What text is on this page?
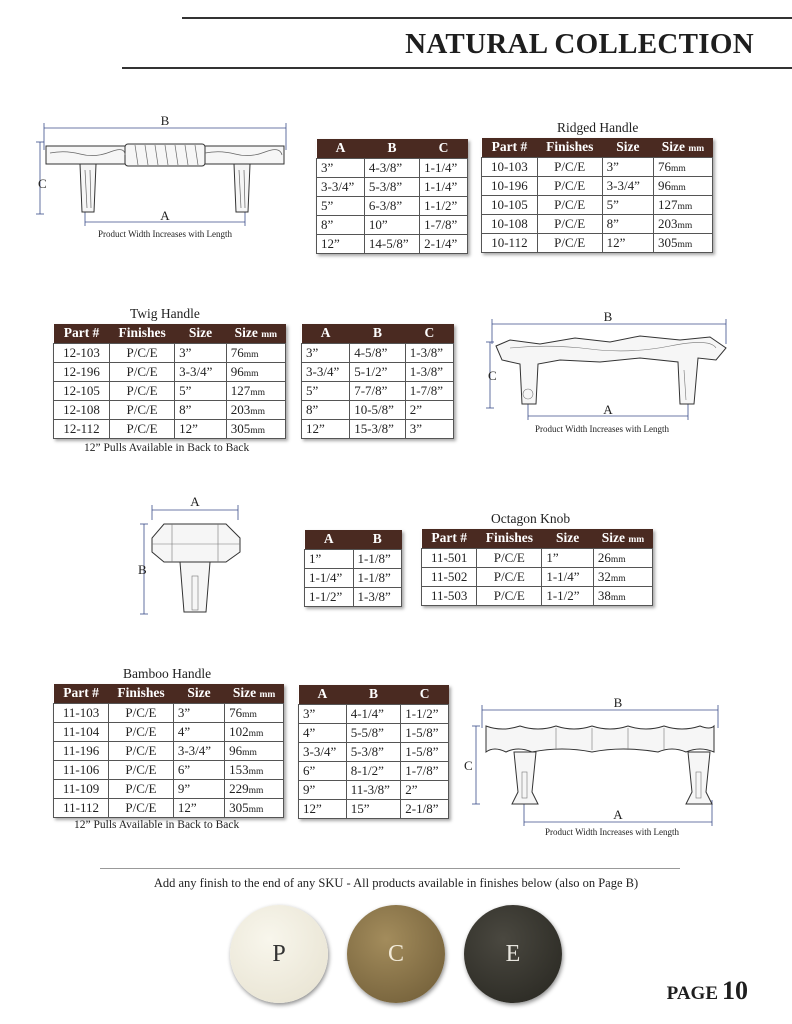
NATURAL COLLECTION
B
C
A
Product Width Increases with Length
A	B	C
3”	4-3/8”	1-1/4”
3-3/4”	5-3/8”	1-1/4”
5”	6-3/8”	1-1/2”
8”	10”	1-7/8”
12”	14-5/8”	2-1/4”
Ridged Handle
Part #	Finishes	Size	Size mm
10-103	P/C/E	3”	76mm
10-196	P/C/E	3-3/4”	96mm
10-105	P/C/E	5”	127mm
10-108	P/C/E	8”	203mm
10-112	P/C/E	12”	305mm
Twig Handle
Part #	Finishes	Size	Size mm
12-103	P/C/E	3”	76mm
12-196	P/C/E	3-3/4”	96mm
12-105	P/C/E	5”	127mm
12-108	P/C/E	8”	203mm
12-112	P/C/E	12”	305mm
12” Pulls Available in Back to Back
A	B	C
3”	4-5/8”	1-3/8”
3-3/4”	5-1/2”	1-3/8”
5”	7-7/8”	1-7/8”
8”	10-5/8”	2”
12”	15-3/8”	3”
B
C
A
Product Width Increases with Length
A
B
A	B
1”	1-1/8”
1-1/4”	1-1/8”
1-1/2”	1-3/8”
Octagon Knob
Part #	Finishes	Size	Size mm
11-501	P/C/E	1”	26mm
11-502	P/C/E	1-1/4”	32mm
11-503	P/C/E	1-1/2”	38mm
Bamboo Handle
Part #	Finishes	Size	Size mm
11-103	P/C/E	3”	76mm
11-104	P/C/E	4”	102mm
11-196	P/C/E	3-3/4”	96mm
11-106	P/C/E	6”	153mm
11-109	P/C/E	9”	229mm
11-112	P/C/E	12”	305mm
12” Pulls Available in Back to Back
A	B	C
3”	4-1/4”	1-1/2”
4”	5-5/8”	1-5/8”
3-3/4”	5-3/8”	1-5/8”
6”	8-1/2”	1-7/8”
9”	11-3/8”	2”
12”	15”	2-1/8”
B
C
A
Product Width Increases with Length
Add any finish to the end of any SKU - All products available in finishes below (also on Page B)
P	C	E
PAGE 10
